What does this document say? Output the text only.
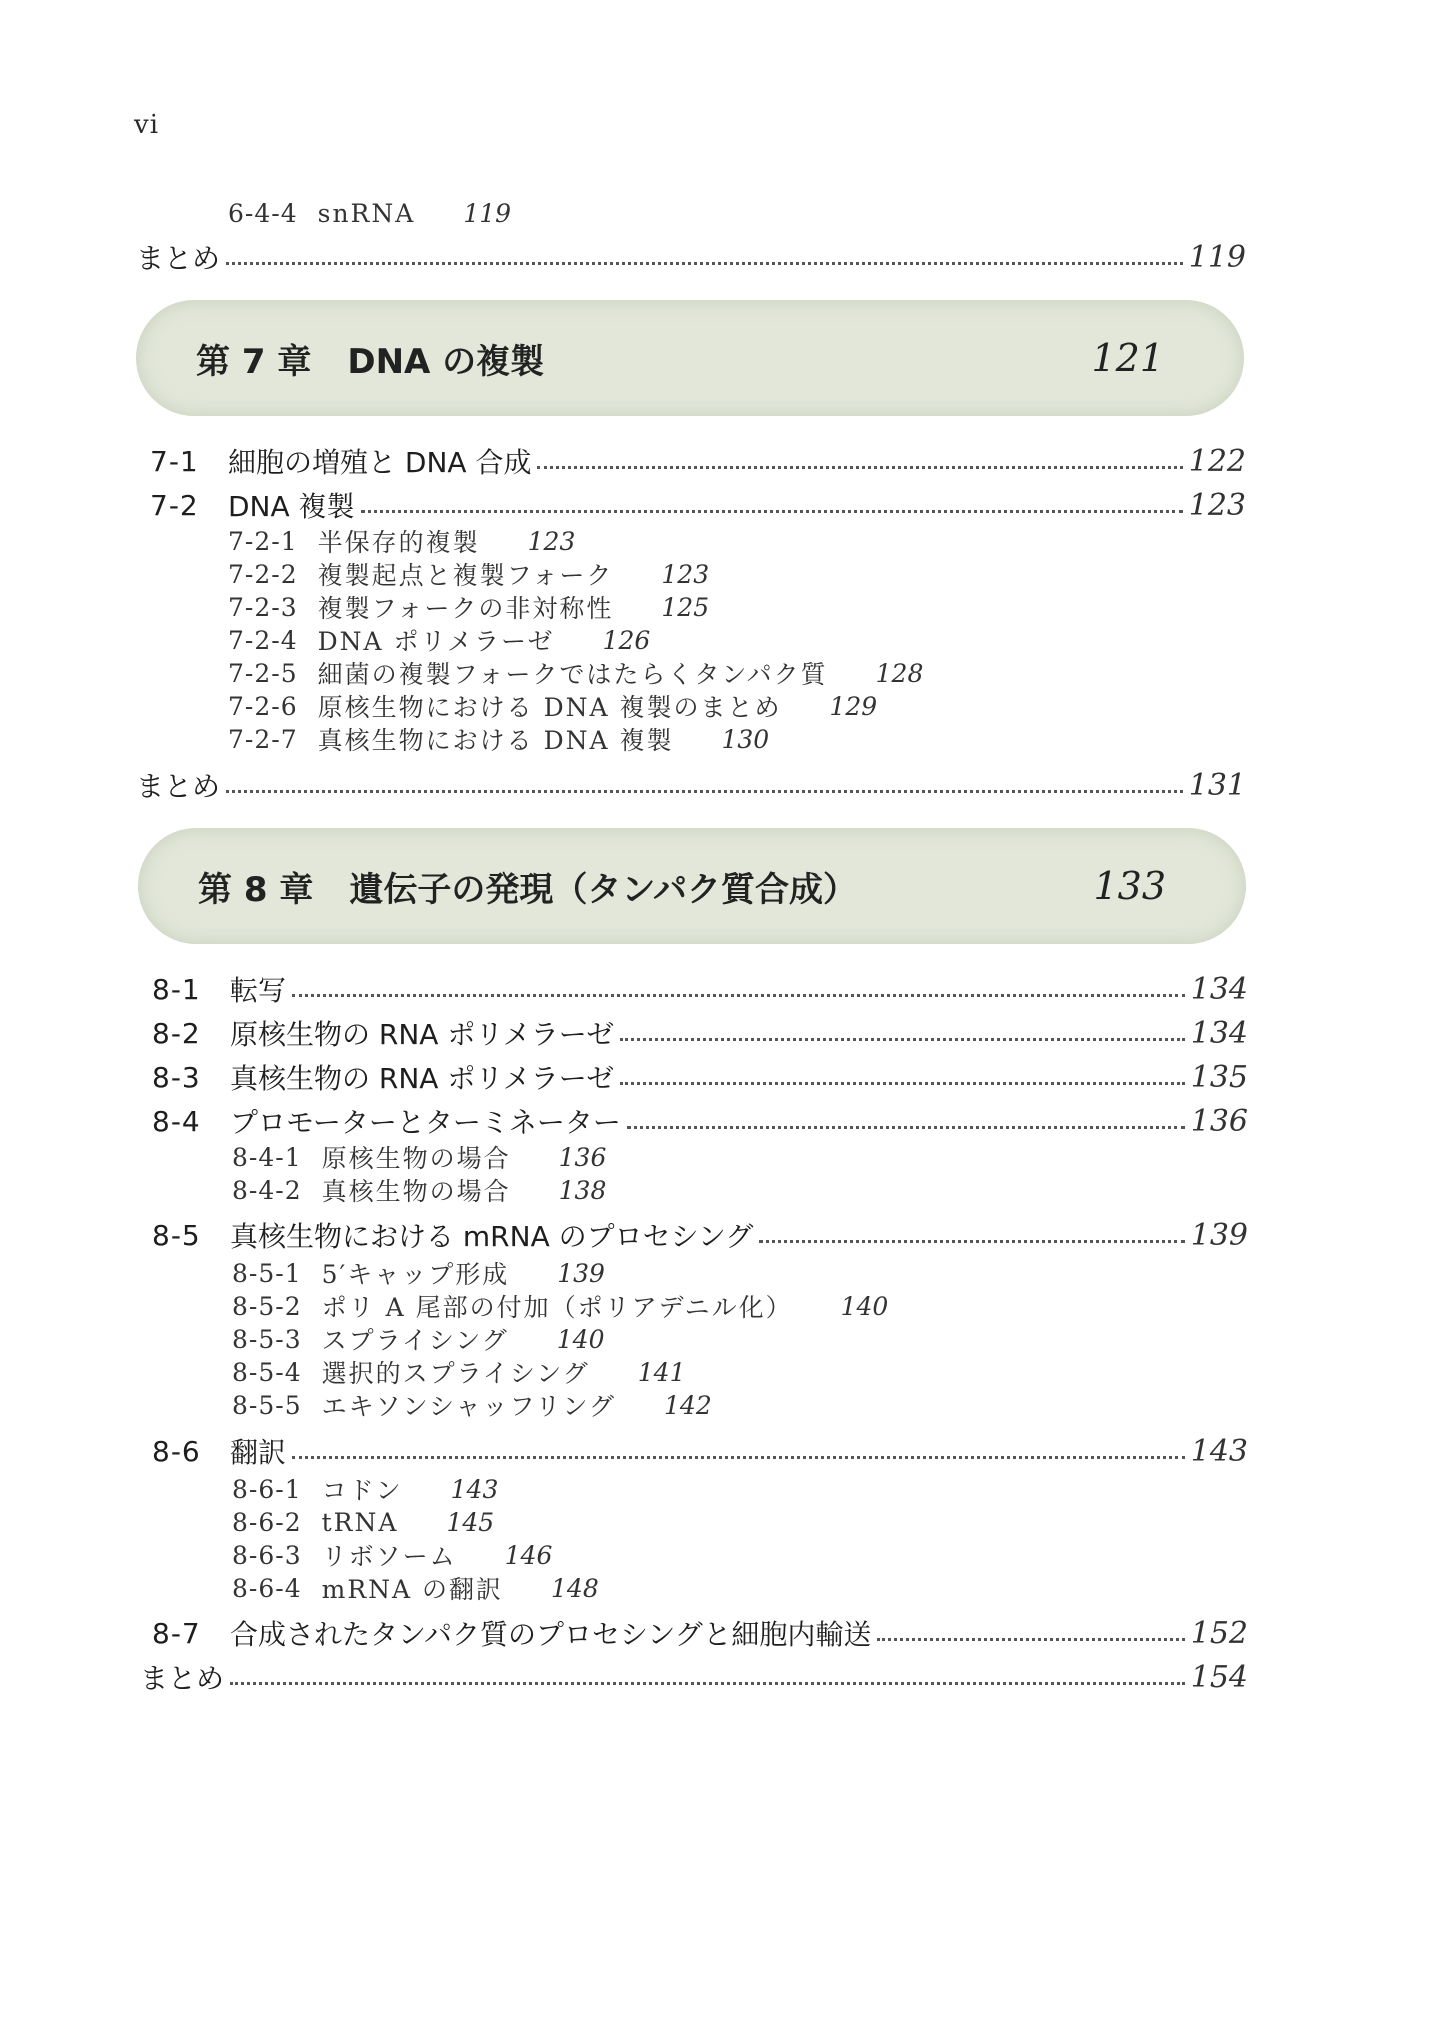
vi
6-4-4 snRNA 119
まとめ	119
第 7 章 DNA の複製	121
7-1	細胞の増殖と DNA 合成	122
7-2	DNA 複製	123
7-2-1 半保存的複製 123
7-2-2 複製起点と複製フォーク 123
7-2-3 複製フォークの非対称性 125
7-2-4 DNA ポリメラーゼ 126
7-2-5 細菌の複製フォークではたらくタンパク質 128
7-2-6 原核生物における DNA 複製のまとめ 129
7-2-7 真核生物における DNA 複製 130
まとめ	131
第 8 章 遺伝子の発現（タンパク質合成）	133
8-1	転写	134
8-2	原核生物の RNA ポリメラーゼ	134
8-3	真核生物の RNA ポリメラーゼ	135
8-4	プロモーターとターミネーター	136
8-4-1 原核生物の場合 136
8-4-2 真核生物の場合 138
8-5	真核生物における mRNA のプロセシング	139
8-5-1 5′キャップ形成 139
8-5-2 ポリ A 尾部の付加（ポリアデニル化） 140
8-5-3 スプライシング 140
8-5-4 選択的スプライシング 141
8-5-5 エキソンシャッフリング 142
8-6	翻訳	143
8-6-1 コドン 143
8-6-2 tRNA 145
8-6-3 リボソーム 146
8-6-4 mRNA の翻訳 148
8-7	合成されたタンパク質のプロセシングと細胞内輸送	152
まとめ	154
